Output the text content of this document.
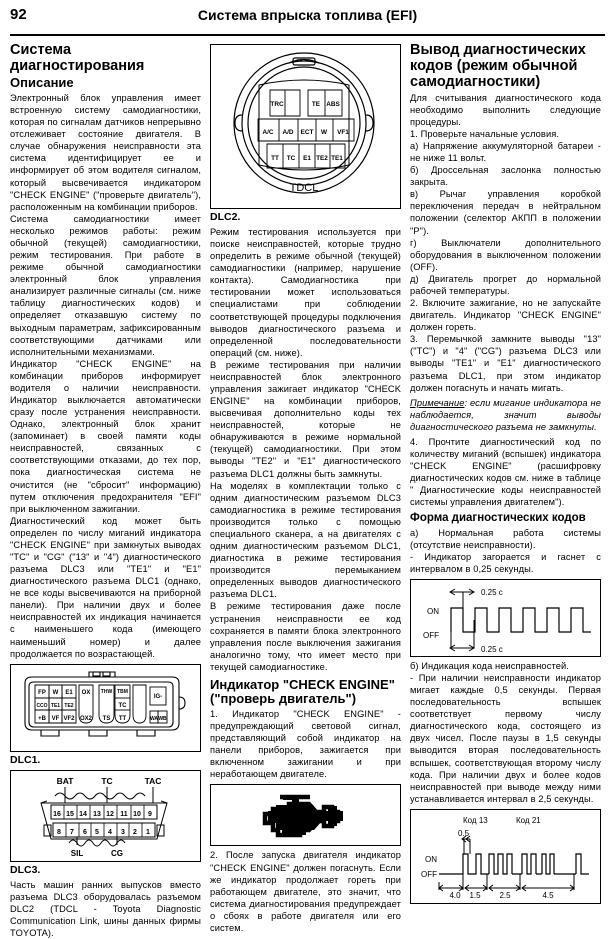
92	Система впрыска топлива (EFI)
Система диагностирования
Описание

Электронный блок управления имеет встроенную систему самодиагностики, которая по сигналам датчиков непрерывно отслеживает состояние двигателя. В случае обнаружения неисправности эта система идентифицирует ее и информирует об этом водителя сигналом, который высвечивается индикатором "CHECK ENGINE" ("проверьте двигатель"), расположенным на комбинации приборов.

Система самодиагностики имеет несколько режимов работы: режим обычной (текущей) самодиагностики, режим тестирования. При работе в режиме обычной самодиагностики электронный блок управления анализирует различные сигналы (см. ниже таблицу диагностических кодов) и определяет отказавшую систему по выходным параметрам, зафиксированным соответствующими датчиками или исполнительными механизмами.

Индикатор "CHECK ENGINE" на комбинации приборов информирует водителя о наличии неисправности. Индикатор выключается автоматически сразу после устранения неисправности. Однако, электронный блок хранит (запоминает) в своей памяти коды неисправностей, связанных с соответствующими отказами, до тех пор, пока диагностическая система не очистится (не "сбросит" информацию) путем отключения предохранителя "EFI" при выключенном зажигании.

Диагностический код может быть определен по числу миганий индикатора "CHECK ENGINE" при замкнутых выводах "TC" и "CG" ("13" и "4") диагностического разъема DLC3 или "TE1" и "E1" диагностического разъема DLC1 (однако, не все коды высвечиваются на приборной панели). При наличии двух и более неисправностей их индикация начинается с наименьшего кода (имеющего наименьший номер) и далее продолжается по возрастающей.

FP W E1 OX THW TBM
IG-
CCO TE1 TE2	TC
+B VF VF2 OX2 TS TT	WA WB
DLC1.
BAT	TC	TAC
16 15 14 13 12 11 10 9
8 7 6 5 4 3 2 1
SIL	CG
DLC3.

Часть машин ранних выпусков вместо разъема DLC3 оборудовалась разъемом DLC2 (TDCL - Toyota Diagnostic Communication Link, шины данных фирмы TOYOTA).

TRC	TE ABS
A/C A/D ECT W VF1
TT TC E1 TE2 TE1
TDCL
DLC2.

Режим тестирования используется при поиске неисправностей, которые трудно определить в режиме обычной (текущей) самодиагностики (например, нарушение контакта). Самодиагностика при тестировании может использоваться специалистами при соблюдении соответствующей процедуры подключения выводов диагностического разъема и определенной последовательности операций (см. ниже).

В режиме тестирования при наличии неисправностей блок электронного управления зажигает индикатор "CHECK ENGINE" на комбинации приборов, высвечивая дополнительно коды тех неисправностей, которые не обнаруживаются в режиме нормальной (текущей) самодиагностики. При этом выводы "TE2" и "E1" диагностического разъема DLC1 должны быть замкнуты.

На моделях в комплектации только с одним диагностическим разъемом DLC3 самодиагностика в режиме тестирования производится только с помощью специального сканера, а на двигателях с одним диагностическим разъемом DLC1, диагностика в режиме тестирования производится перемыканием определенных выводов диагностического разъема DLC1.

В режиме тестирования даже после устранения неисправности ее код сохраняется в памяти блока электронного управления после выключения зажигания аналогично тому, что имеет место при текущей самодиагностике.

Индикатор "CHECK ENGINE" ("проверь двигатель")

1. Индикатор "CHECK ENGINE" - предупреждающий световой сигнал, представляющий собой индикатор на панели приборов, зажигается при включенном зажигании и при неработающем двигателе.

2. После запуска двигателя индикатор "CHECK ENGINE" должен погаснуть. Если же индикатор продолжает гореть при работающем двигателе, это значит, что система диагностирования предупреждает о сбоях в работе двигателя или его систем.

Вывод диагностических кодов (режим обычной самодиагностики)

Для считывания диагностического кода необходимо выполнить следующие процедуры.

1. Проверьте начальные условия.

а) Напряжение аккумуляторной батареи - не ниже 11 вольт.

б) Дроссельная заслонка полностью закрыта.

в) Рычаг управления коробкой переключения передач в нейтральном положении (селектор АКПП в положении "P").

г) Выключатели дополнительного оборудования в выключенном положении (OFF).

д) Двигатель прогрет до нормальной рабочей температуры.

2. Включите зажигание, но не запускайте двигатель. Индикатор "CHECK ENGINE" должен гореть.

3. Перемычкой замкните выводы "13" ("TC") и "4" ("CG") разъема DLC3 или выводы "TE1" и "E1" диагностического разъема DLC1, при этом индикатор должен погаснуть и начать мигать.

Примечание: если мигание индикатора не наблюдается, значит выводы диагностического разъема не замкнуты.

4. Прочтите диагностический код по количеству миганий (вспышек) индикатора "CHECK ENGINE" (расшифровку диагностических кодов см. ниже в таблице " Диагностические коды неисправностей системы управления двигателем").

Форма диагностических кодов

а) Нормальная работа системы (отсутствие неисправности).

- Индикатор загорается и гаснет с интервалом в 0,25 секунды.

ON
OFF
0.25 с
0.25 с

б) Индикация кода неисправностей.

- При наличии неисправности индикатор мигает каждые 0,5 секунды. Первая последовательность вспышек соответствует первому числу диагностического кода, состоящего из двух чисел. После паузы в 1,5 секунды выводится вторая последовательность вспышек, соответствующая второму числу кода. При наличии двух и более кодов неисправностей при выводе между ними устанавливается интервал в 2,5 секунды.

Код 13	Код 21
0.5
ON
OFF
4.0 1.5 2.5	4.5
